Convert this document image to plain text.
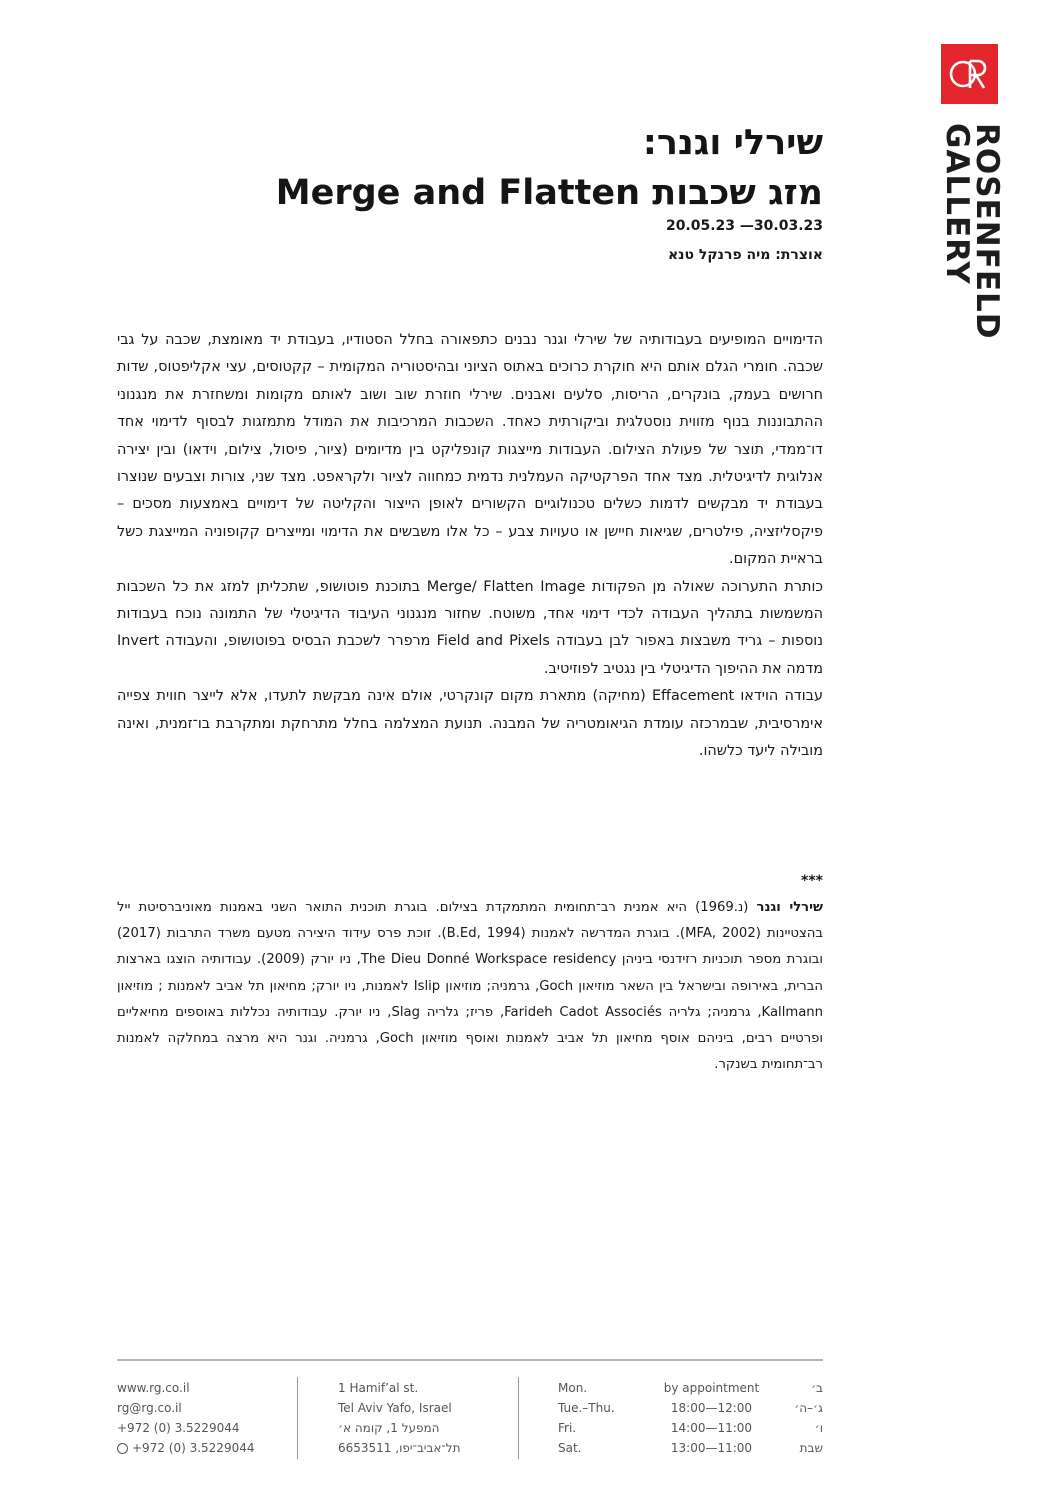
ROSENFELD
GALLERY
שירלי וגנר:
מזג שכבות Merge and Flatten
20.05.23 —30.03.23
אוצרת: מיה פרנקל טנא

הדימויים המופיעים בעבודותיה של שירלי וגנר נבנים כתפאורה בחלל הסטודיו, בעבודת יד מאומצת, שכבה על גבי שכבה. חומרי הגלם אותם היא חוקרת כרוכים באתוס הציוני ובהיסטוריה המקומית – קקטוסים, עצי אקליפטוס, שדות חרושים בעמק, בונקרים, הריסות, סלעים ואבנים. שירלי חוזרת שוב ושוב לאותם מקומות ומשחזרת את מנגנוני ההתבוננות בנוף מזווית נוסטלגית וביקורתית כאחד. השכבות המרכיבות את המודל מתמזגות לבסוף לדימוי אחד דו־ממדי, תוצר של פעולת הצילום. העבודות מייצגות קונפליקט בין מדיומים (ציור, פיסול, צילום, וידאו) ובין יצירה אנלוגית לדיגיטלית. מצד אחד הפרקטיקה העמלנית נדמית כמחווה לציור ולקראפט. מצד שני, צורות וצבעים שנוצרו בעבודת יד מבקשים לדמות כשלים טכנולוגיים הקשורים לאופן הייצור והקליטה של דימויים באמצעות מסכים – פיקסליזציה, פילטרים, שגיאות חיישן או טעויות צבע – כל אלו משבשים את הדימוי ומייצרים קקופוניה המייצגת כשל בראיית המקום.

כותרת התערוכה שאולה מן הפקודות Merge/ Flatten Image בתוכנת פוטושופ, שתכליתן למזג את כל השכבות המשמשות בתהליך העבודה לכדי דימוי אחד, משוטח. שחזור מנגנוני העיבוד הדיגיטלי של התמונה נוכח בעבודות נוספות – גריד משבצות באפור לבן בעבודה Field and Pixels מרפרר לשכבת הבסיס בפוטושופ, והעבודה Invert מדמה את ההיפוך הדיגיטלי בין נגטיב לפוזיטיב.

עבודה הוידאו Effacement (מחיקה) מתארת מקום קונקרטי, אולם אינה מבקשת לתעדו, אלא לייצר חווית צפייה אימרסיבית, שבמרכזה עומדת הגיאומטריה של המבנה. תנועת המצלמה בחלל מתרחקת ומתקרבת בו־זמנית, ואינה מובילה ליעד כלשהו.

***
שירלי וגנר (נ.1969) היא אמנית רב־תחומית המתמקדת בצילום. בוגרת תוכנית התואר השני באמנות מאוניברסיטת ייל בהצטיינות (MFA, 2002). בוגרת המדרשה לאמנות (B.Ed, 1994). זוכת פרס עידוד היצירה מטעם משרד התרבות (2017) ובוגרת מספר תוכניות רזידנסי ביניהן The Dieu Donné Workspace residency, ניו יורק (2009). עבודותיה הוצגו בארצות הברית, באירופה ובישראל בין השאר מוזיאון Goch, גרמניה; מוזיאון Islip לאמנות, ניו יורק; מחיאון תל אביב לאמנות ; מוזיאון Kallmann, גרמניה; גלריה Farideh Cadot Associés, פריז; גלריה Slag, ניו יורק. עבודותיה נכללות באוספים מחיאליים ופרטיים רבים, ביניהם אוסף מחיאון תל אביב לאמנות ואוסף מוזיאון Goch, גרמניה. וגנר היא מרצה במחלקה לאמנות רב־תחומית בשנקר.
www.rg.co.il
rg@rg.co.il
+972 (0) 3.5229044
+972 (0) 3.5229044
1 Hamif’al st.
Tel Aviv Yafo, Israel
המפעל 1, קומה א׳
6653511 ,תל־אביב־יפו
Mon.	by appointment	ב׳
Tue.–Thu.	18:00—12:00	ג׳–ה׳
Fri.	14:00—11:00	ו׳
Sat.	13:00—11:00	שבת
